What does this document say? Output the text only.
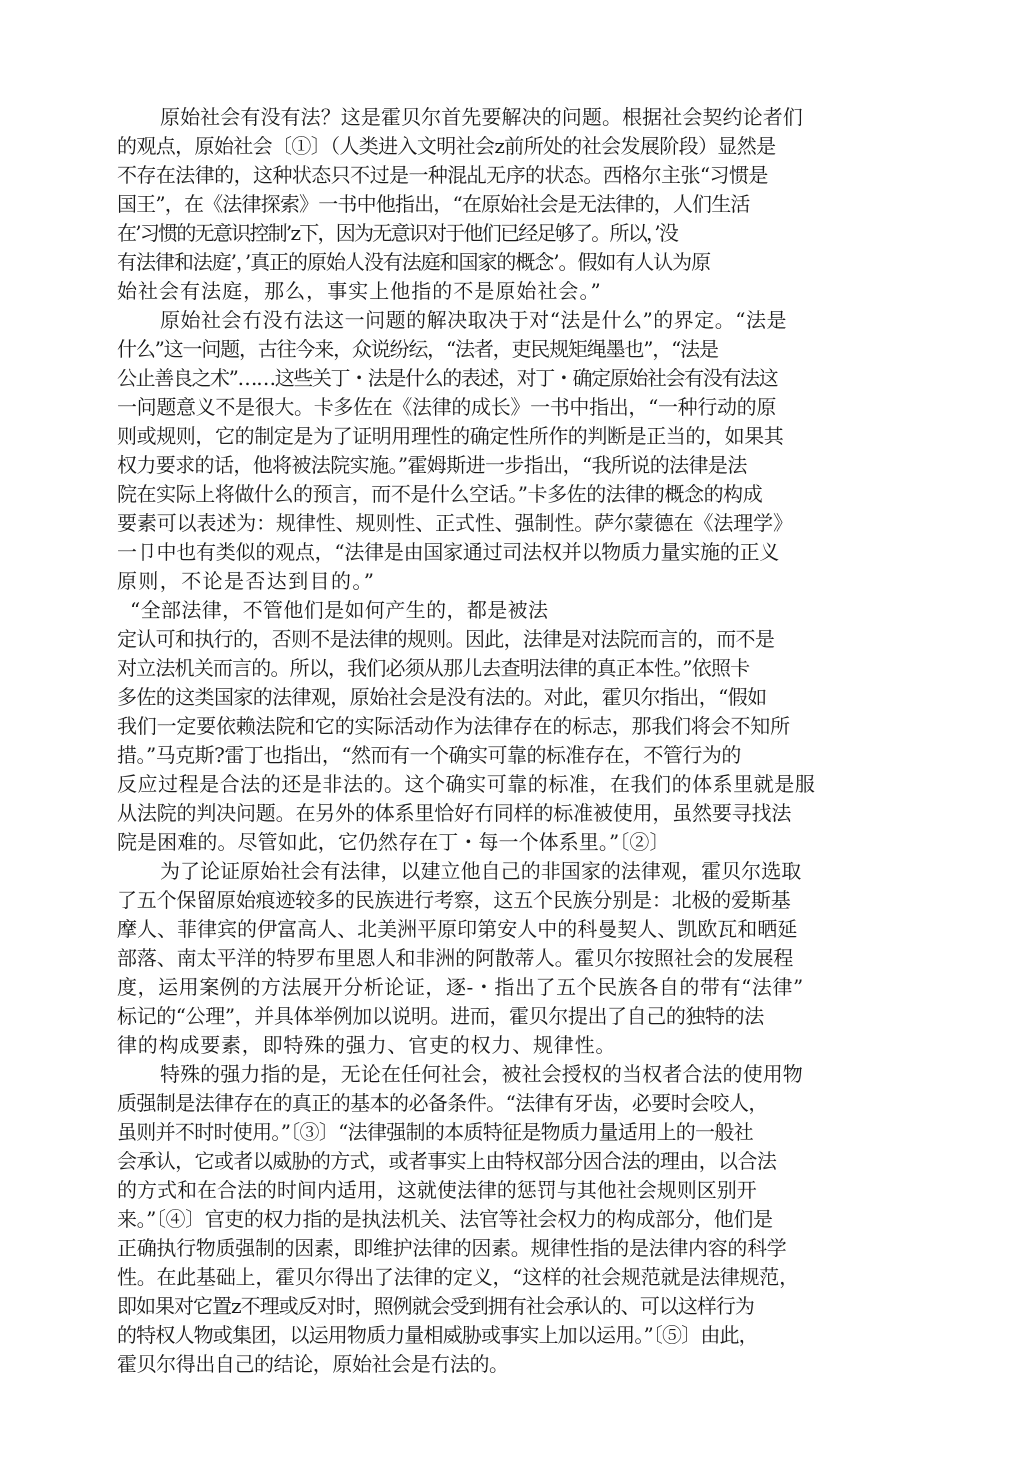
原始社会有没有法？这是霍贝尔首先要解决的问题。根据社会契约论者们
的观点，原始社会〔①〕（人类进入文明社会z前所处的社会发展阶段）显然是
不存在法律的，这种状态只不过是一种混乩无序的状态。西格尔主张“习惯是
国王”，在《法律探索》一书中他指出，“在原始社会是无法律的，人们生活
在’习惯的无意识控制’z下，因为无意识对于他们已经足够了。所以，’没
有法律和法庭’，’真正的原始人没有法庭和国家的概念’。假如有人认为原
始社会有法庭，那么，事实上他指的不是原始社会。”
原始社会冇没冇法这一问题的解决取决于对“法是什么”的界定。“法是
什么”这一问题，古往今来，众说纷纭，“法者，吏民规矩绳墨也”，“法是
公止善良之术”……这些关丁・法是什么的表述，对丁・确定原始社会有没有法这
一问题意义不是很大。卡多佐在《法律的成长》一书中指出，“一种行动的原
则或规则，它的制定是为了证明用理性的确定性所作的判断是正当的，如果其
权力要求的话，他将被法院实施。”霍姆斯进一步指出，“我所说的法律是法
院在实际上将做什么的预言，而不是什么空话。”卡多佐的法律的概念的构成
要素可以表述为：规律性、规则性、正式性、强制性。萨尔蒙德在《法理学》
一卩中也有类似的观点，“法律是由国家通过司法权并以物质力量实施的正义
原则，不论是否达到目的。”
“全部法律，不管他们是如何产生的，都是被法
定认可和执行的，否则不是法律的规则。因此，法律是对法院而言的，而不是
对立法机关而言的。所以，我们必须从那儿去查明法律的真正本性。”依照卡
多佐的这类国家的法律观，原始社会是没有法的。对此，霍贝尔指出，“假如
我们一定要依赖法院和它的实际活动作为法律存在的标志，那我们将会不知所
措。”马克斯?雷丁也指出，“然而有一个确实可靠的标准存在，不管行为的
反应过程是合法的还是非法的。这个确实可靠的标准，在我们的体系里就是服
从法院的判决问题。在另外的体系里恰好冇同样的标准被使用，虽然要寻找法
院是困难的。尽管如此，它仍然存在丁・每一个体系里。”〔②〕
为了论证原始社会有法律，以建立他自己的非国家的法律观，霍贝尔选取
了五个保留原始痕迹较多的民族进行考察，这五个民族分别是：北极的爱斯基
摩人、菲律宾的伊富高人、北美洲平原印第安人中的科曼契人、凯欧瓦和晒延
部落、南太平洋的特罗布里恩人和非洲的阿散蒂人。霍贝尔按照社会的发展程
度，运用案例的方法展开分析论证，逐-・指出了五个民族各自的带有“法律”
标记的“公理”，并具体举例加以说明。进而，霍贝尔提出了自己的独特的法
律的构成要素，即特殊的强力、官吏的权力、规律性。
特殊的强力指的是，无论在任何社会，被社会授权的当权者合法的使用物
质强制是法律存在的真正的基本的必备条件。“法律有牙齿，必要时会咬人，
虽则并不时时使用。”〔③〕“法律强制的本质特征是物质力量适用上的一般社
会承认，它或者以威胁的方式，或者事实上由特权部分因合法的理由，以合法
的方式和在合法的时间内适用，这就使法律的惩罚与其他社会规则区别开
来。”〔④〕官吏的权力指的是执法机关、法官等社会权力的构成部分，他们是
正确执行物质强制的因素，即维护法律的因素。规律性指的是法律内容的科学
性。在此基础上，霍贝尔得出了法律的定义，“这样的社会规范就是法律规范，
即如果对它置z不理或反对时，照例就会受到拥有社会承认的、可以这样行为
的特权人物或集团，以运用物质力量相威胁或事实上加以运用。”〔⑤〕由此，
霍贝尔得出自己的结论，原始社会是冇法的。
